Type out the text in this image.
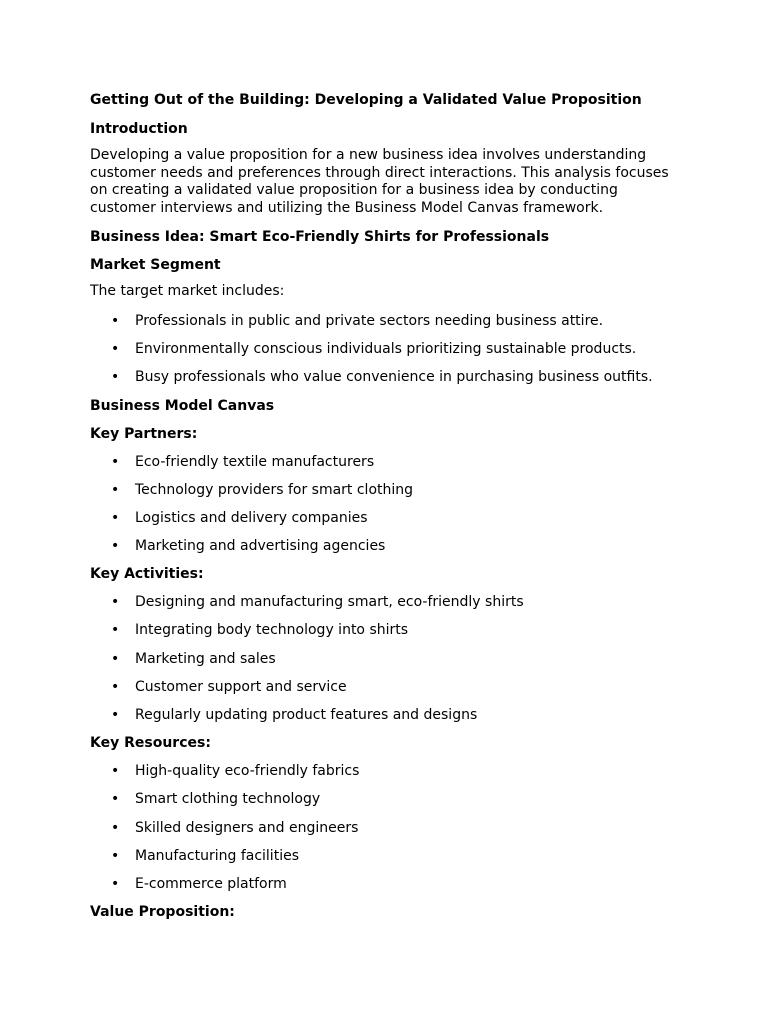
Getting Out of the Building: Developing a Validated Value Proposition
Introduction
Developing a value proposition for a new business idea involves understanding customer needs and preferences through direct interactions. This analysis focuses on creating a validated value proposition for a business idea by conducting customer interviews and utilizing the Business Model Canvas framework.
Business Idea: Smart Eco-Friendly Shirts for Professionals
Market Segment
The target market includes:
• Professionals in public and private sectors needing business attire.
• Environmentally conscious individuals prioritizing sustainable products.
• Busy professionals who value convenience in purchasing business outfits.
Business Model Canvas
Key Partners:
• Eco-friendly textile manufacturers
• Technology providers for smart clothing
• Logistics and delivery companies
• Marketing and advertising agencies
Key Activities:
• Designing and manufacturing smart, eco-friendly shirts
• Integrating body technology into shirts
• Marketing and sales
• Customer support and service
• Regularly updating product features and designs
Key Resources:
• High-quality eco-friendly fabrics
• Smart clothing technology
• Skilled designers and engineers
• Manufacturing facilities
• E-commerce platform
Value Proposition:
